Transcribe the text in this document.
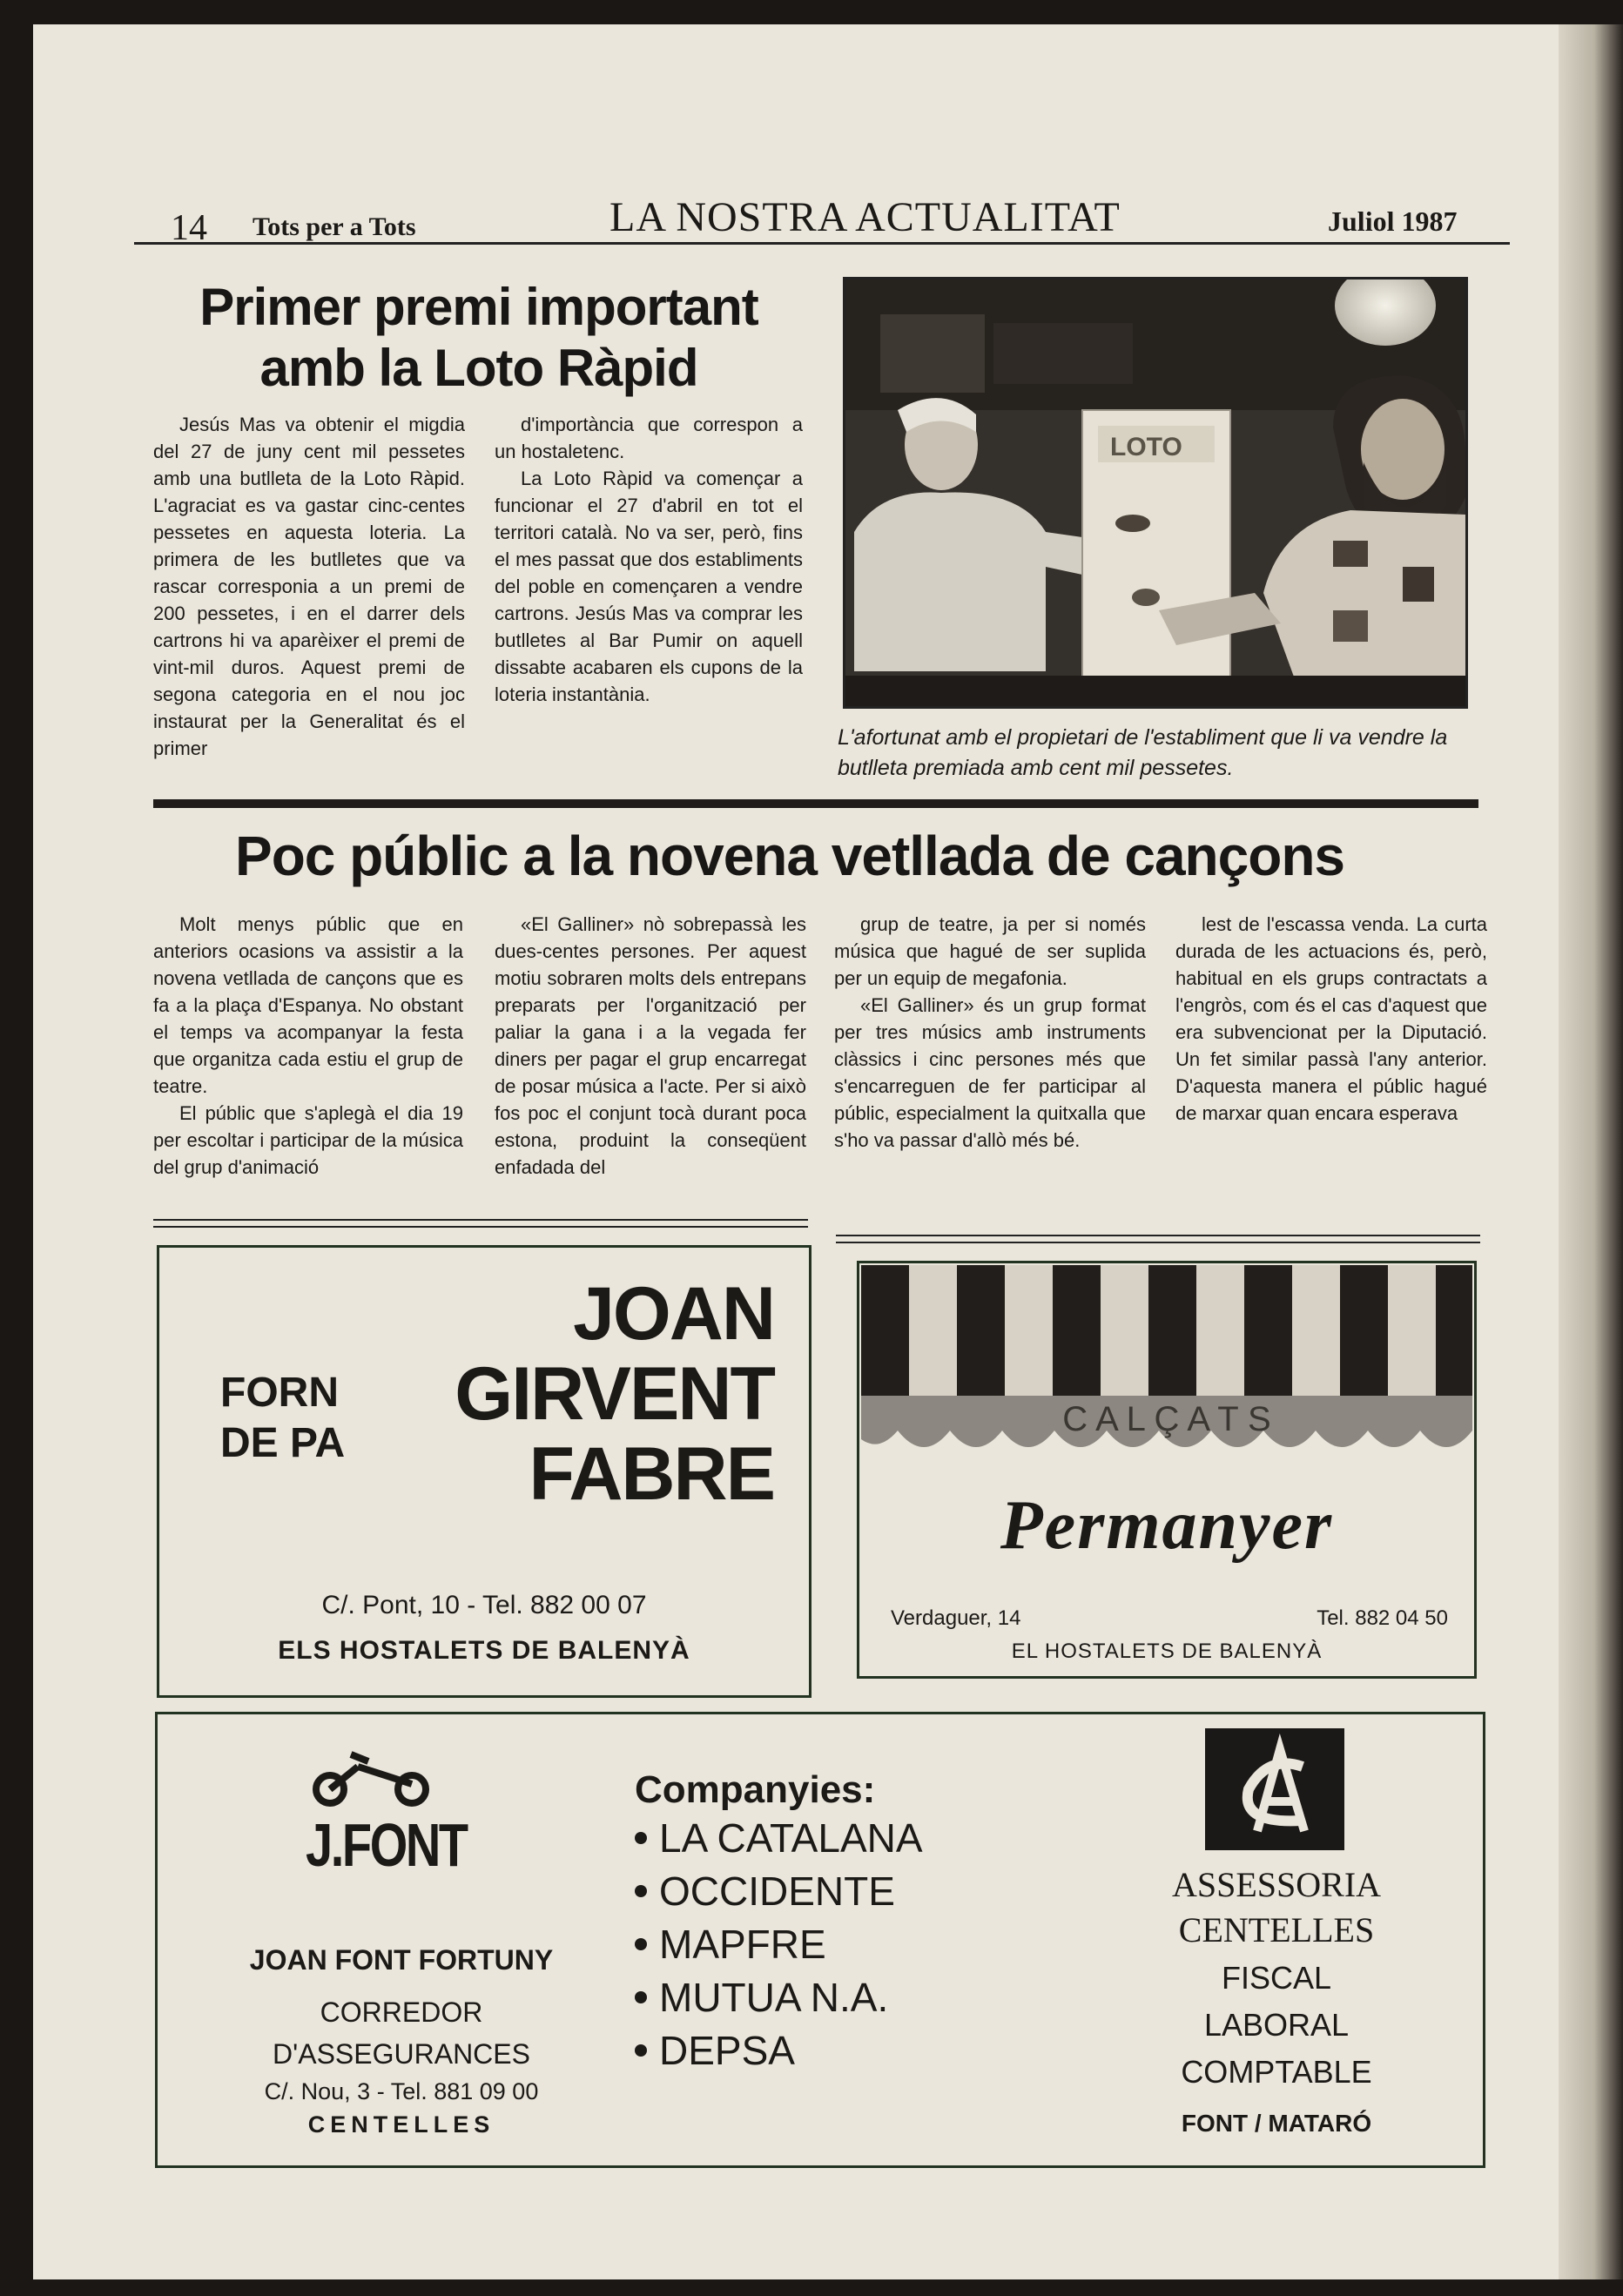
14 Tots per a Tots	LA NOSTRA ACTUALITAT	Juliol 1987
Primer premi important
amb la Loto Ràpid

Jesús Mas va obtenir el migdia del 27 de juny cent mil pessetes amb una butlleta de la Loto Ràpid. L'agraciat es va gastar cinc-centes pessetes en aquesta loteria. La primera de les butlletes que va rascar corresponia a un premi de 200 pessetes, i en el darrer dels cartrons hi va aparèixer el premi de vint-mil duros. Aquest premi de segona categoria en el nou joc instaurat per la Generalitat és el primer

d'importància que correspon a un hostaletenc.

La Loto Ràpid va començar a funcionar el 27 d'abril en tot el territori català. No va ser, però, fins el mes passat que dos establiments del poble en començaren a vendre cartrons. Jesús Mas va comprar les butlletes al Bar Pumir on aquell dissabte acabaren els cupons de la loteria instantània.

LOTO
L'afortunat amb el propietari de l'establiment que li va vendre la butlleta premiada amb cent mil pessetes.
Poc públic a la novena vetllada de cançons

Molt menys públic que en anteriors ocasions va assistir a la novena vetllada de cançons que es fa a la plaça d'Espanya. No obstant el temps va acompanyar la festa que organitza cada estiu el grup de teatre.

El públic que s'aplegà el dia 19 per escoltar i participar de la música del grup d'animació

«El Galliner» nò sobrepassà les dues-centes persones. Per aquest motiu sobraren molts dels entrepans preparats per l'organització per paliar la gana i a la vegada fer diners per pagar el grup encarregat de posar música a l'acte. Per si això fos poc el conjunt tocà durant poca estona, produint la conseqüent enfadada del

grup de teatre, ja per si només música que hagué de ser suplida per un equip de megafonia.

«El Galliner» és un grup format per tres músics amb instruments clàssics i cinc persones més que s'encarreguen de fer participar al públic, especialment la quitxalla que s'ho va passar d'allò més bé.

lest de l'escassa venda. La curta durada de les actuacions és, però, habitual en els grups contractats a l'engròs, com és el cas d'aquest que era subvencionat per la Diputació. Un fet similar passà l'any anterior. D'aquesta manera el públic hagué de marxar quan encara esperava

FORN
DE PA
JOAN
GIRVENT
FABRE
C/. Pont, 10 - Tel. 882 00 07
ELS HOSTALETS DE BALENYÀ
C A L Ç A T S
Permanyer
Verdaguer, 14	Tel. 882 04 50
EL HOSTALETS DE BALENYÀ
J.FONT
JOAN FONT FORTUNY
CORREDOR
D'ASSEGURANCES
C/. Nou, 3 - Tel. 881 09 00
CENTELLES
Companyies:
LA CATALANA
OCCIDENTE
MAPFRE
MUTUA N.A.
DEPSA
ASSESSORIA
CENTELLES
FISCAL
LABORAL
COMPTABLE
FONT / MATARÓ
